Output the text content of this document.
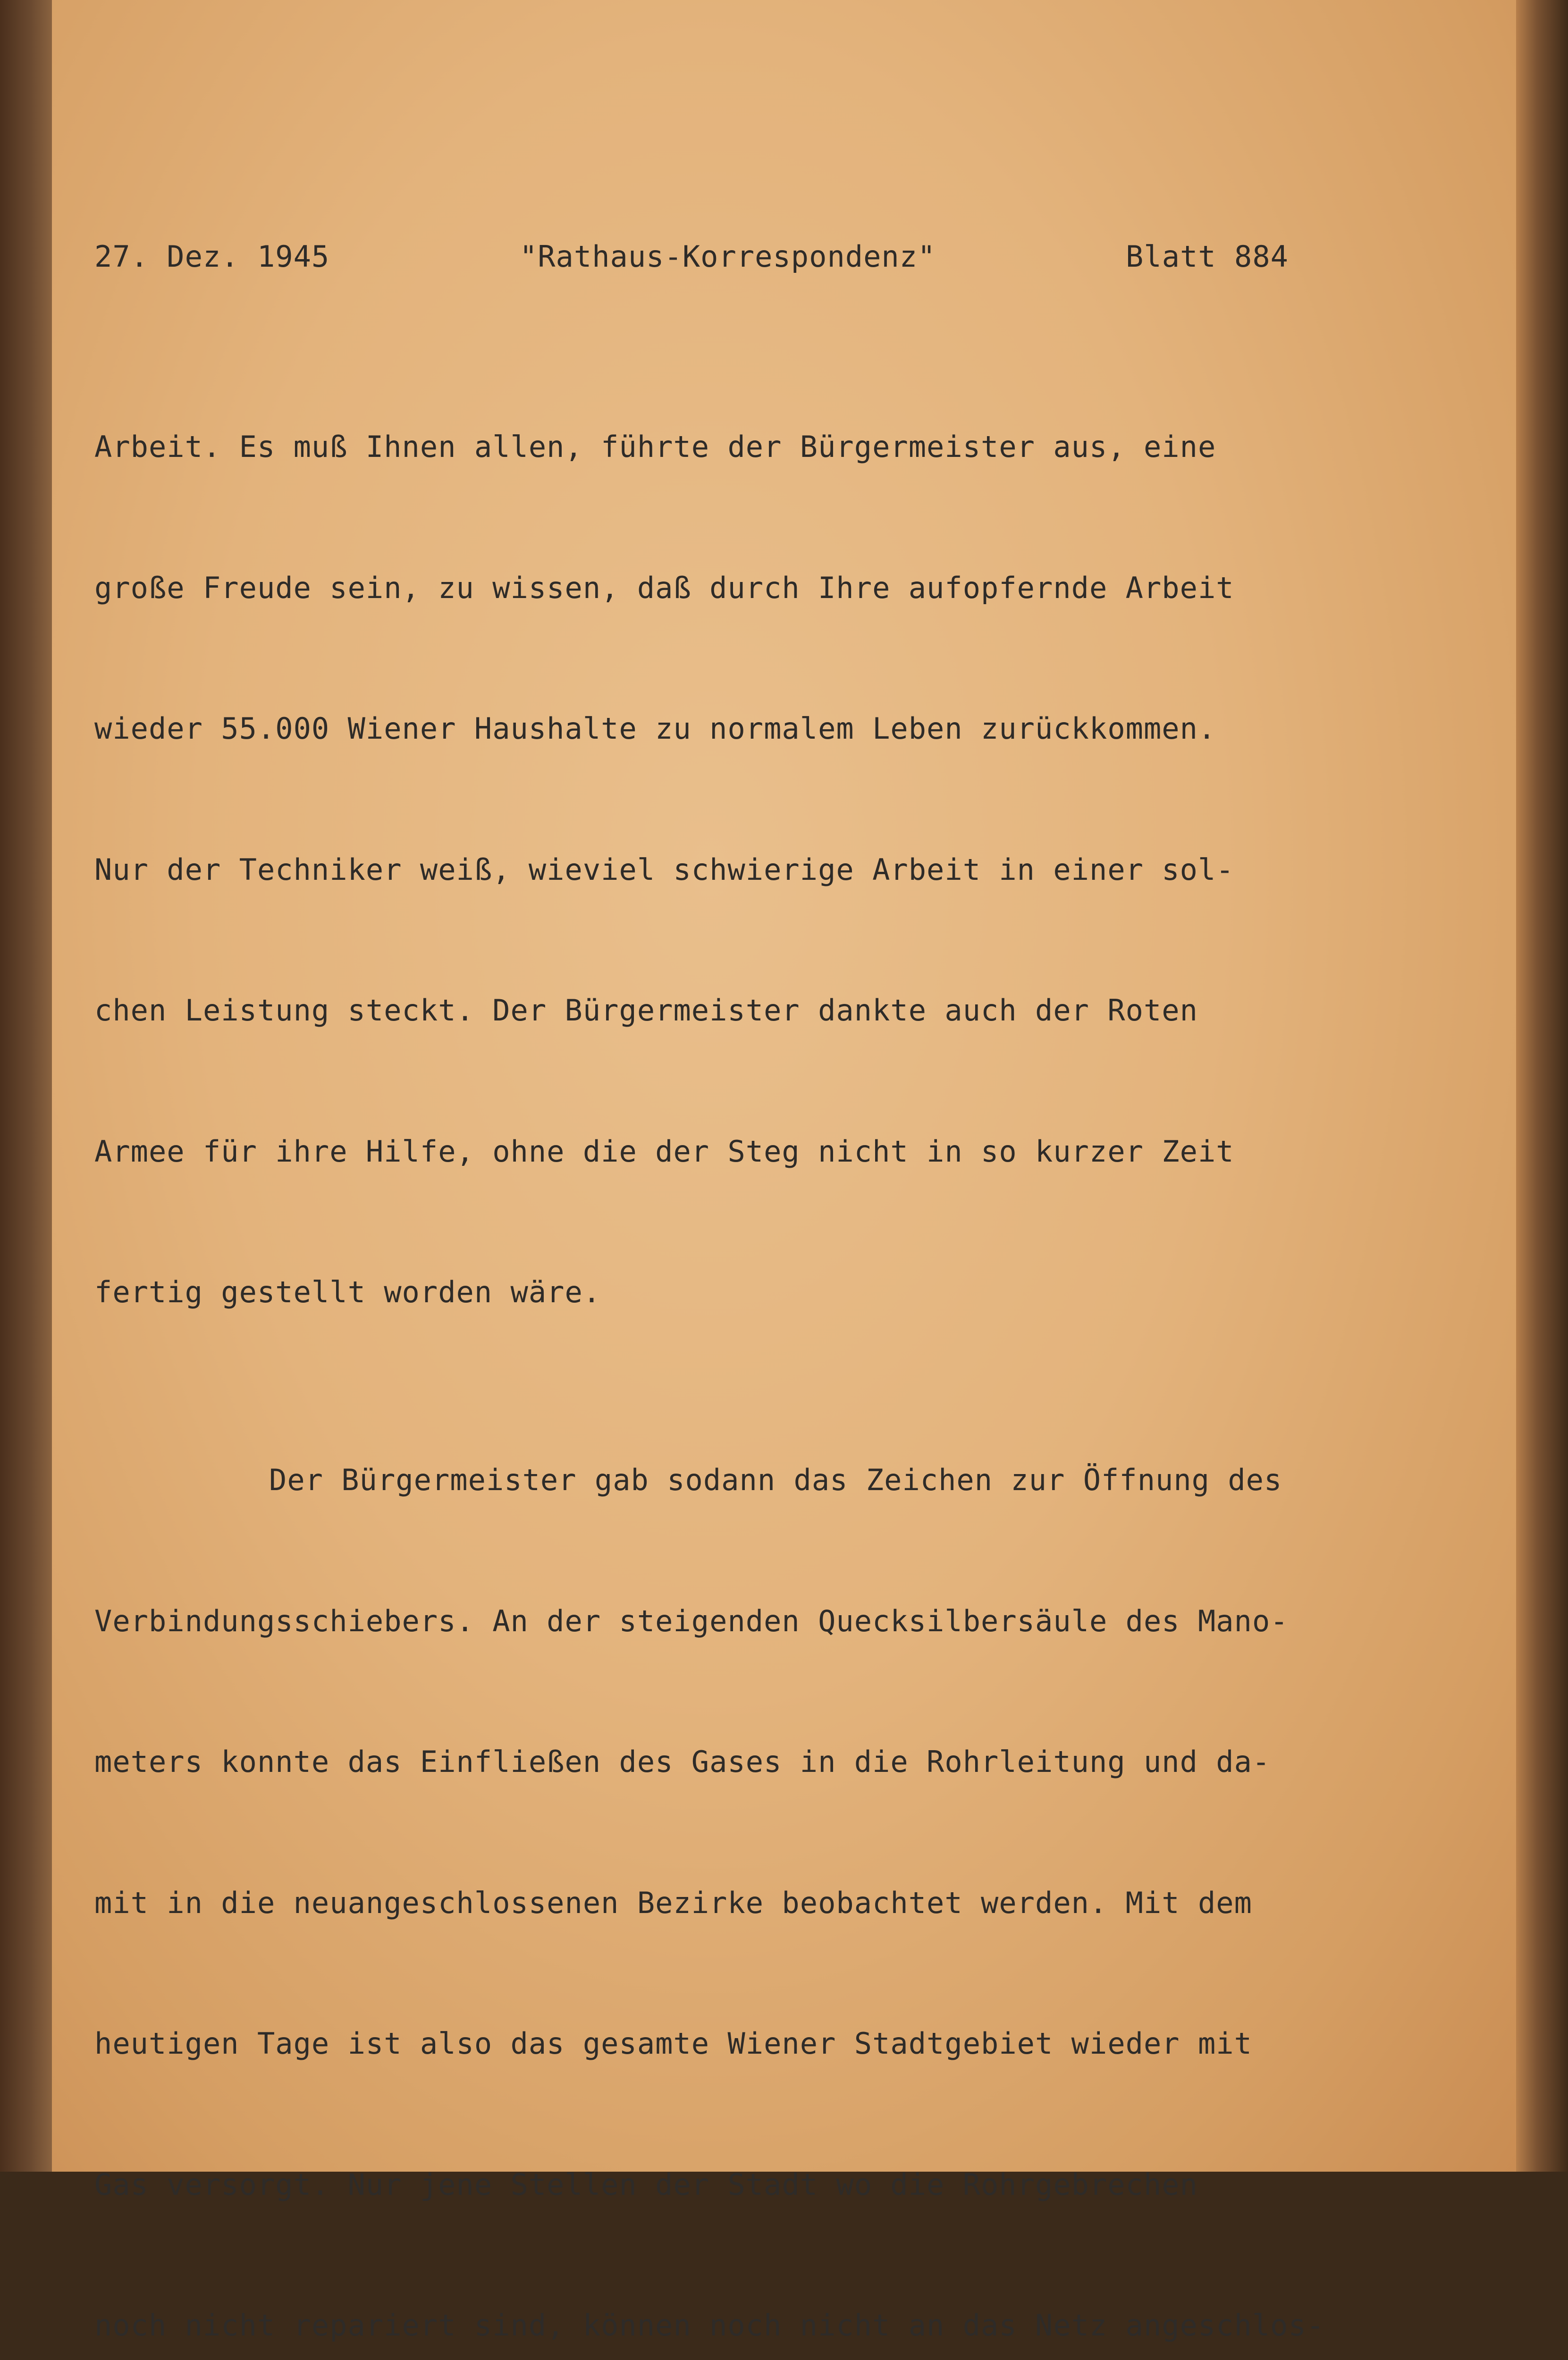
27. Dez. 1945	"Rathaus-Korrespondenz"	Blatt 884

Arbeit. Es muß Ihnen allen, führte der Bürgermeister aus, eine

große Freude sein, zu wissen, daß durch Ihre aufopfernde Arbeit

wieder 55.000 Wiener Haushalte zu normalem Leben zurückkommen.

Nur der Techniker weiß, wieviel schwierige Arbeit in einer sol-

chen Leistung steckt. Der Bürgermeister dankte auch der Roten

Armee für ihre Hilfe, ohne die der Steg nicht in so kurzer Zeit

fertig gestellt worden wäre.

Der Bürgermeister gab sodann das Zeichen zur Öffnung des

Verbindungsschiebers. An der steigenden Quecksilbersäule des Mano-

meters konnte das Einfließen des Gases in die Rohrleitung und da-

mit in die neuangeschlossenen Bezirke beobachtet werden. Mit dem

heutigen Tage ist also das gesamte Wiener Stadtgebiet wieder mit

Gas versorgt. Nur jene Stellen der Stadt wo die Rohrgebrechen

noch nicht repariert sind, können noch nicht an das Netz angeschlos-
